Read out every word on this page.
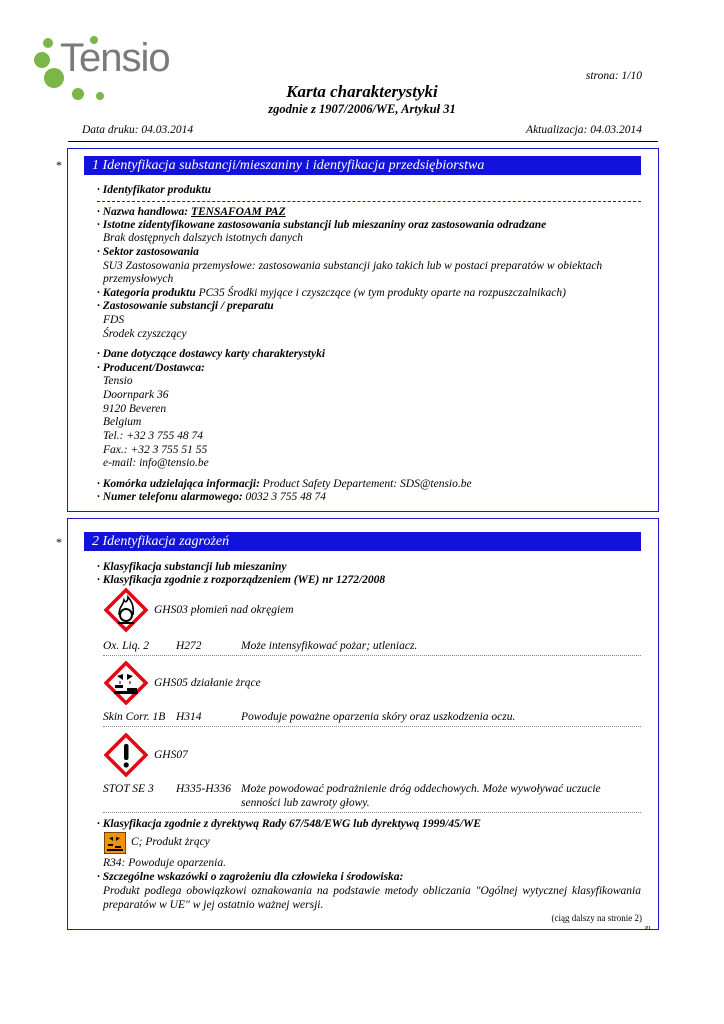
Tensio	strona: 1/10
Karta charakterystyki
zgodnie z 1907/2006/WE, Artykuł 31
Data druku: 04.03.2014	Aktualizacja: 04.03.2014
*	1 Identyfikacja substancji/mieszaniny i identyfikacja przedsiębiorstwa
· Identyfikator produktu
· Nazwa handlowa: TENSAFOAM PAZ
· Istotne zidentyfikowane zastosowania substancji lub mieszaniny oraz zastosowania odradzane
Brak dostępnych dalszych istotnych danych
· Sektor zastosowania
SU3 Zastosowania przemysłowe: zastosowania substancji jako takich lub w postaci preparatów w obiektach
przemysłowych
· Kategoria produktu PC35 Środki myjące i czyszczące (w tym produkty oparte na rozpuszczalnikach)
· Zastosowanie substancji / preparatu
FDS
Środek czyszczący
· Dane dotyczące dostawcy karty charakterystyki
· Producent/Dostawca:
Tensio
Doornpark 36
9120 Beveren
Belgium
Tel.: +32 3 755 48 74
Fax.: +32 3 755 51 55
e-mail: info@tensio.be
· Komórka udzielająca informacji: Product Safety Departement: SDS@tensio.be
· Numer telefonu alarmowego: 0032 3 755 48 74
*	2 Identyfikacja zagrożeń
· Klasyfikacja substancji lub mieszaniny
· Klasyfikacja zgodnie z rozporządzeniem (WE) nr 1272/2008
GHS03 płomień nad okręgiem
Ox. Liq. 2 H272	Może intensyfikować pożar; utleniacz.
GHS05 działanie żrące
Skin Corr. 1B H314	Powoduje poważne oparzenia skóry oraz uszkodzenia oczu.
GHS07
STOT SE 3 H335-H336 Może powodować podrażnienie dróg oddechowych. Może wywoływać uczucie
senności lub zawroty głowy.
· Klasyfikacja zgodnie z dyrektywą Rady 67/548/EWG lub dyrektywą 1999/45/WE
C; Produkt żrący
R34: Powoduje oparzenia.
· Szczególne wskazówki o zagrożeniu dla człowieka i środowiska:
Produkt podlega obowiązkowi oznakowania na podstawie metody obliczania "Ogólnej wytycznej klasyfikowania preparatów w UE" w jej ostatnio ważnej wersji.
(ciąg dalszy na stronie 2)
PL
